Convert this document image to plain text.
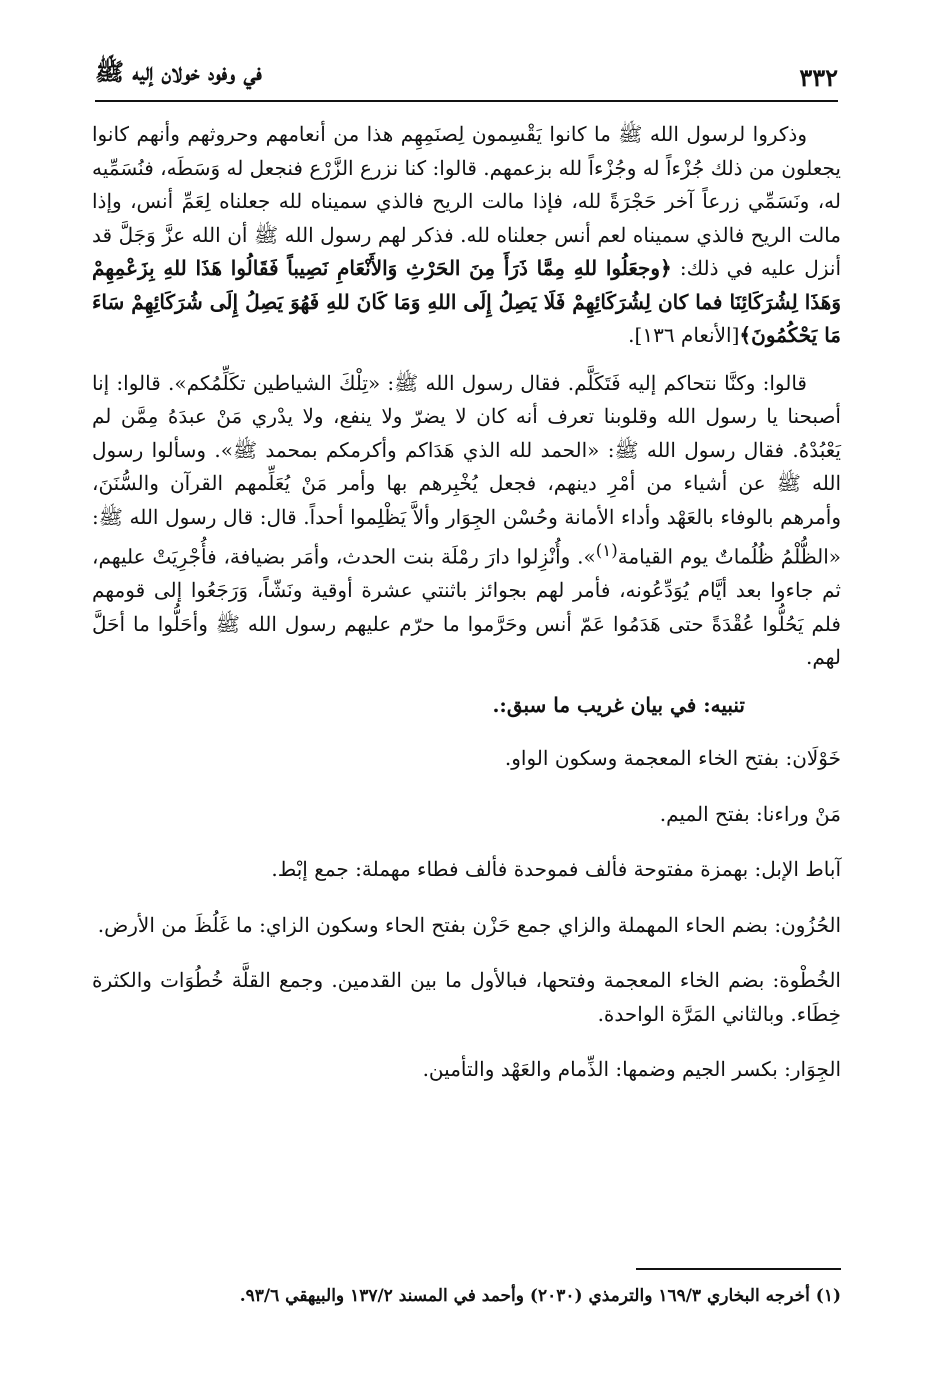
٣٣٢
في وفود خولان إليه ﷺ

وذكروا لرسول الله ﷺ ما كانوا يَقْسِمون لِصنَمِهِم هذا من أنعامهم وحروثهم وأنهم كانوا يجعلون من ذلك جُزْءاً له وجُزْءاً لله بزعمهم. قالوا: كنا نزرع الزَّرْع فنجعل له وَسَطَه، فنُسَمِّيه له، ونَسَمِّي زرعاً آخر حَجْرَةً لله، فإذا مالت الريح فالذي سميناه لله جعلناه لِعَمِّ أنس، وإذا مالت الريح فالذي سميناه لعم أنس جعلناه لله. فذكر لهم رسول الله ﷺ أن الله عزَّ وَجَلَّ قد أنزل عليه في ذلك: ﴿وجعَلُوا للهِ مِمَّا ذَرَأَ مِنَ الحَرْثِ وَالأَنْعَامِ نَصِيباً فَقَالُوا هَذَا للهِ بِزَعْمِهِمْ وَهَذَا لِشُرَكَائِنَا فما كان لِشُرَكَائِهِمْ فَلَا يَصِلُ إِلَى اللهِ وَمَا كَانَ للهِ فَهُوَ يَصِلُ إِلَى شُرَكَائِهِمْ سَاءَ مَا يَحْكُمُونَ﴾[الأنعام ١٣٦].

قالوا: وكنَّا نتحاكم إليه فَتَكَلَّم. فقال رسول الله ﷺ: «تِلْكَ الشياطين تكَلِّمُكم». قالوا: إنا أصبحنا يا رسول الله وقلوبنا تعرف أنه كان لا يضرّ ولا ينفع، ولا يدْري مَنْ عبدَهُ مِمَّن لم يَعْبُدْهُ. فقال رسول الله ﷺ: «الحمد لله الذي هَدَاكم وأكرمكم بمحمد ﷺ». وسألوا رسول الله ﷺ عن أشياء من أمْرِ دينهم، فجعل يُخْبِرهم بها وأمر مَنْ يُعَلِّمهم القرآن والسُّنَنَ، وأمرهم بالوفاء بالعَهْد وأداء الأمانة وحُسْن الجِوَار وألاَّ يَظْلِموا أحداً. قال: قال رسول الله ﷺ: «الظُّلْمُ ظُلُماتٌ يوم القيامة$^{(١)}$». وأُنْزِلوا دارَ رمْلَة بنت الحدث، وأمَر بضيافة، فأُجْرِيَتْ عليهم، ثم جاءوا بعد أيَّام يُوَدِّعُونه، فأمر لهم بجوائز باثنتي عشرة أوقية ونَشّاً، وَرَجَعُوا إلى قومهم فلم يَحُلُّوا عُقْدَةً حتى هَدَمُوا عَمّ أنس وحَرَّموا ما حرّم عليهم رسول الله ﷺ وأحَلُّوا ما أحَلَّ لهم.

تنبيه: في بيان غريب ما سبق:.

خَوْلَان: بفتح الخاء المعجمة وسكون الواو.

مَنْ وراءنا: بفتح الميم.

آباط الإبل: بهمزة مفتوحة فألف فموحدة فألف فطاء مهملة: جمع إبْط.

الحُزُون: بضم الحاء المهملة والزاي جمع حَزْن بفتح الحاء وسكون الزاي: ما غَلُظَ من الأرض.

الخُطْوة: بضم الخاء المعجمة وفتحها، فبالأول ما بين القدمين. وجمع القلَّة خُطُوَات والكثرة خِطَاء. وبالثاني المَرَّة الواحدة.

الجِوَار: بكسر الجيم وضمها: الذِّمام والعَهْد والتأمين.

(١) أخرجه البخاري ١٦٩/٣ والترمذي (٢٠٣٠) وأحمد في المسند ١٣٧/٢ والبيهقي ٩٣/٦.
